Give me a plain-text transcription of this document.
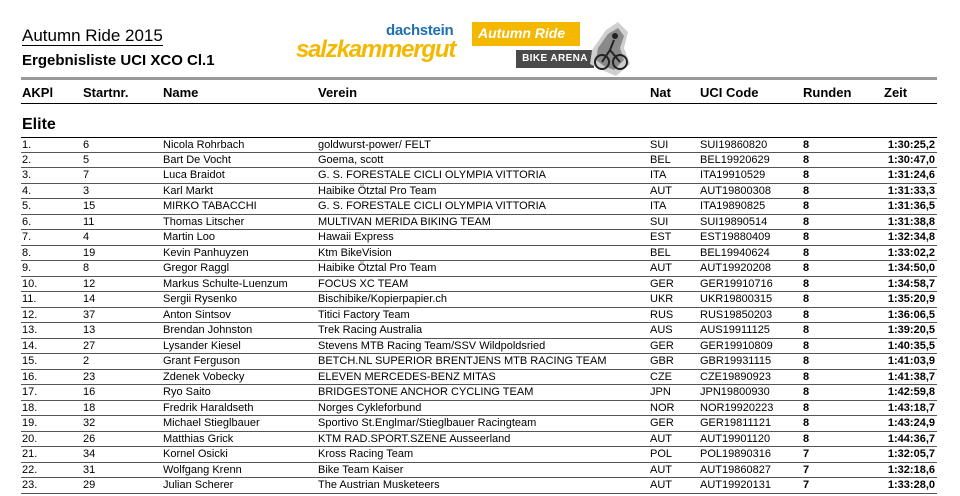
Autumn Ride 2015
Ergebnisliste UCI XCO Cl.1
dachstein
salzkammergut
Autumn Ride
BIKE ARENA
AKPl Startnr.	Name	Verein	Nat UCI Code	Runden	Zeit
Elite
1.	6	Nicola Rohrbach	goldwurst-power/ FELT	SUI	SUI19860820	8	1:30:25,2
2.	5	Bart De Vocht	Goema, scott	BEL	BEL19920629	8	1:30:47,0
3.	7	Luca Braidot	G. S. FORESTALE CICLI OLYMPIA VITTORIA	ITA	ITA19910529	8	1:31:24,6
4.	3	Karl Markt	Haibike Ötztal Pro Team	AUT	AUT19800308	8	1:31:33,3
5.	15	MIRKO TABACCHI	G. S. FORESTALE CICLI OLYMPIA VITTORIA	ITA	ITA19890825	8	1:31:36,5
6.	11	Thomas Litscher	MULTIVAN MERIDA BIKING TEAM	SUI	SUI19890514	8	1:31:38,8
7.	4	Martin Loo	Hawaii Express	EST	EST19880409	8	1:32:34,8
8.	19	Kevin Panhuyzen	Ktm BikeVision	BEL	BEL19940624	8	1:33:02,2
9.	8	Gregor Raggl	Haibike Ötztal Pro Team	AUT	AUT19920208	8	1:34:50,0
10.	12	Markus Schulte-Luenzum	FOCUS XC TEAM	GER GER19910716	8	1:34:58,7
11.	14	Sergii Rysenko	Bischibike/Kopierpapier.ch	UKR UKR19800315	8	1:35:20,9
12.	37	Anton Sintsov	Titici Factory Team	RUS RUS19850203	8	1:36:06,5
13.	13	Brendan Johnston	Trek Racing Australia	AUS AUS19911125	8	1:39:20,5
14.	27	Lysander Kiesel	Stevens MTB Racing Team/SSV Wildpoldsried	GER GER19910809	8	1:40:35,5
15.	2	Grant Ferguson	BETCH.NL SUPERIOR BRENTJENS MTB RACING TEAM	GBR GBR19931115	8	1:41:03,9
16.	23	Zdenek Vobecky	ELEVEN MERCEDES-BENZ MITAS	CZE	CZE19890923	8	1:41:38,7
17.	16	Ryo Saito	BRIDGESTONE ANCHOR CYCLING TEAM	JPN	JPN19800930	8	1:42:59,8
18.	18	Fredrik Haraldseth	Norges Cykleforbund	NOR NOR19920223	8	1:43:18,7
19.	32	Michael Stieglbauer	Sportivo St.Englmar/Stieglbauer Racingteam	GER GER19811121	8	1:43:24,9
20.	26	Matthias Grick	KTM RAD.SPORT.SZENE Ausseerland	AUT	AUT19901120	8	1:44:36,7
21.	34	Kornel Osicki	Kross Racing Team	POL	POL19890316	7	1:32:05,7
22.	31	Wolfgang Krenn	Bike Team Kaiser	AUT	AUT19860827	7	1:32:18,6
23.	29	Julian Scherer	The Austrian Musketeers	AUT	AUT19920131	7	1:33:28,0
